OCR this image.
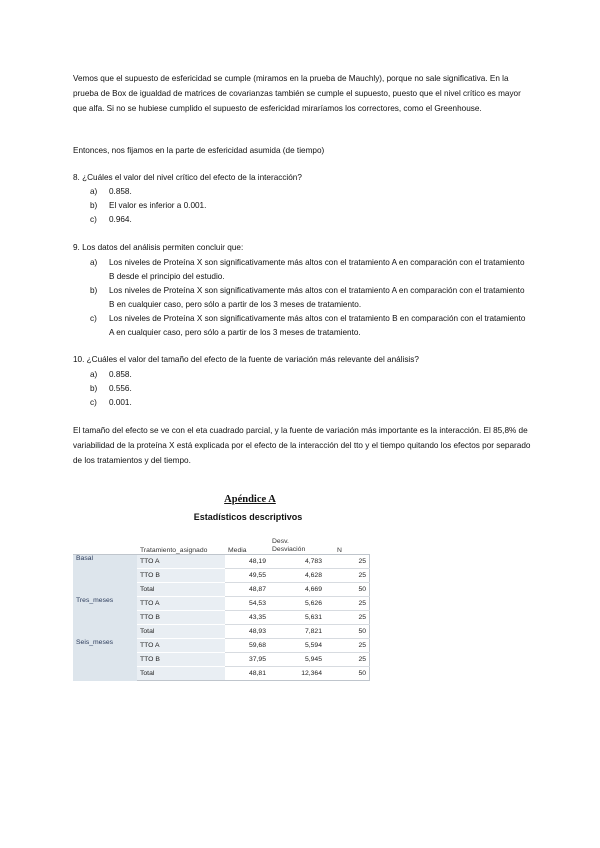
Vemos que el supuesto de esfericidad se cumple (miramos en la prueba de Mauchly), porque no sale significativa. En la prueba de Box de igualdad de matrices de covarianzas también se cumple el supuesto, puesto que el nivel crítico es mayor que alfa. Si no se hubiese cumplido el supuesto de esfericidad miraríamos los correctores, como el Greenhouse.
Entonces, nos fijamos en la parte de esfericidad asumida (de tiempo)
8. ¿Cuáles el valor del nivel crítico del efecto de la interacción?
a) 0.858.
b) El valor es inferior a 0.001.
c) 0.964.
9. Los datos del análisis permiten concluir que:
a) Los niveles de Proteína X son significativamente más altos con el tratamiento A en comparación con el tratamiento B desde el principio del estudio.
b) Los niveles de Proteína X son significativamente más altos con el tratamiento A en comparación con el tratamiento B en cualquier caso, pero sólo a partir de los 3 meses de tratamiento.
c) Los niveles de Proteína X son significativamente más altos con el tratamiento B en comparación con el tratamiento A en cualquier caso, pero sólo a partir de los 3 meses de tratamiento.
10. ¿Cuáles el valor del tamaño del efecto de la fuente de variación más relevante del análisis?
a) 0.858.
b) 0.556.
c) 0.001.
El tamaño del efecto se ve con el eta cuadrado parcial, y la fuente de variación más importante es la interacción. El 85,8% de variabilidad de la proteína X está explicada por el efecto de la interacción del tto y el tiempo quitando los efectos por separado de los tratamientos y del tiempo.
Apéndice A
Estadísticos descriptivos
	Tratamiento_asignado	Media	Desv. Desviación	N
Basal	TTO A	48,19	4,783	25
	TTO B	49,55	4,628	25
	Total	48,87	4,669	50
Tres_meses	TTO A	54,53	5,626	25
	TTO B	43,35	5,631	25
	Total	48,93	7,821	50
Seis_meses	TTO A	59,68	5,594	25
	TTO B	37,95	5,945	25
	Total	48,81	12,364	50
